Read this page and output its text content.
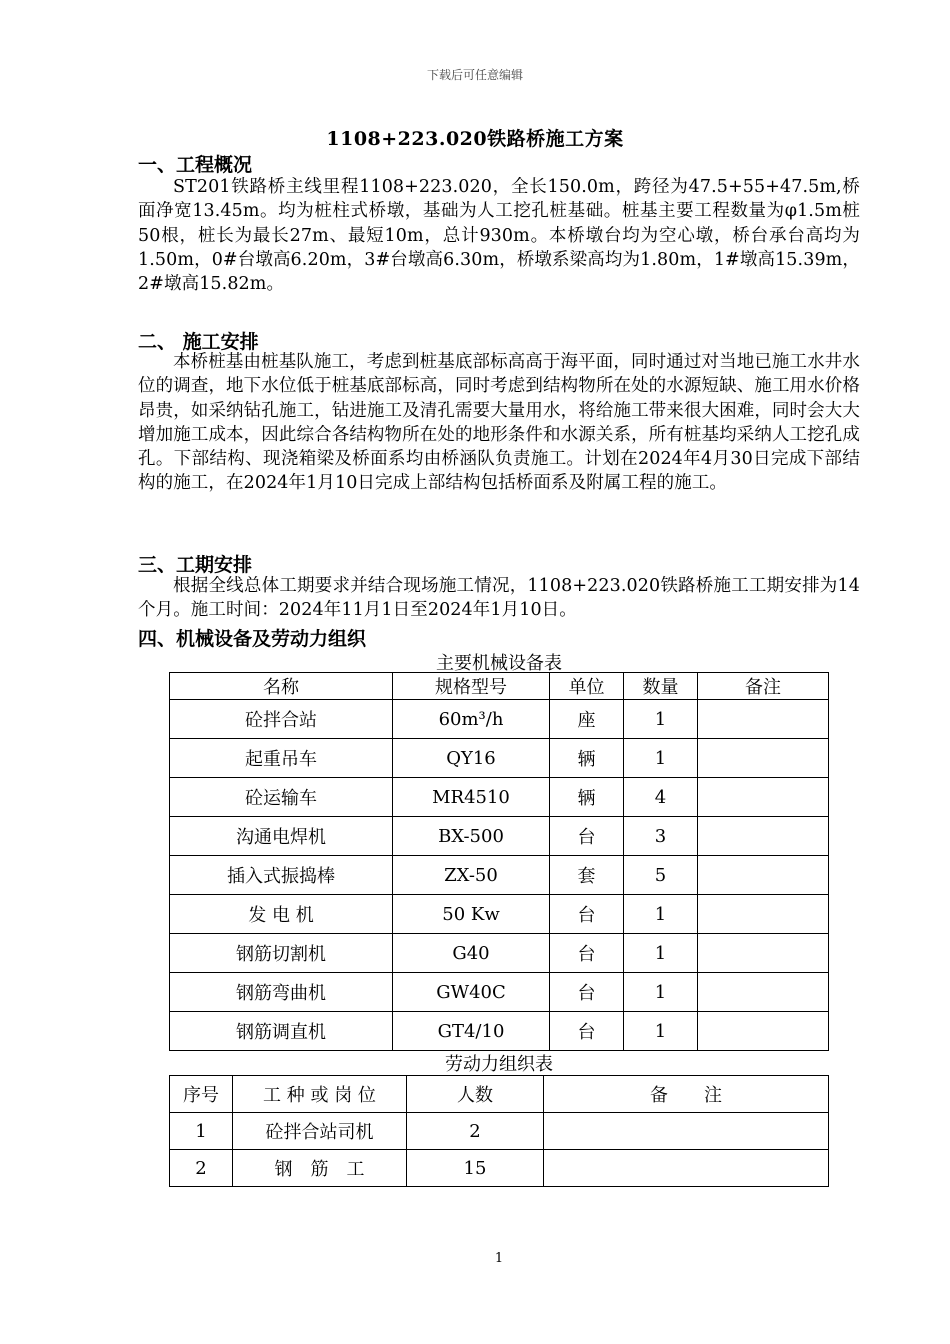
下载后可任意编辑
1108+223.020铁路桥施工方案
一、工程概况

ST201铁路桥主线里程1108+223.020，全长150.0m，跨径为47.5+55+47.5m,桥面净宽13.45m。均为桩柱式桥墩，基础为人工挖孔桩基础。桩基主要工程数量为φ1.5m桩50根，桩长为最长27m、最短10m，总计930m。本桥墩台均为空心墩，桥台承台高均为1.50m，0#台墩高6.20m，3#台墩高6.30m，桥墩系梁高均为1.80m，1#墩高15.39m，2#墩高15.82m。

二、 施工安排

本桥桩基由桩基队施工，考虑到桩基底部标高高于海平面，同时通过对当地已施工水井水位的调查，地下水位低于桩基底部标高，同时考虑到结构物所在处的水源短缺、施工用水价格昂贵，如采纳钻孔施工，钻进施工及清孔需要大量用水，将给施工带来很大困难，同时会大大增加施工成本，因此综合各结构物所在处的地形条件和水源关系，所有桩基均采纳人工挖孔成孔。下部结构、现浇箱梁及桥面系均由桥涵队负责施工。计划在2024年4月30日完成下部结构的施工，在2024年1月10日完成上部结构包括桥面系及附属工程的施工。

三、工期安排

根据全线总体工期要求并结合现场施工情况，1108+223.020铁路桥施工工期安排为14个月。施工时间：2024年11月1日至2024年1月10日。

四、机械设备及劳动力组织
主要机械设备表
名称	规格型号	单位	数量	备注
砼拌合站	60m³/h	座	1	
起重吊车	QY16	辆	1	
砼运输车	MR4510	辆	4	
沟通电焊机	BX-500	台	3	
插入式振捣棒	ZX-50	套	5	
发 电 机	50 Kw	台	1	
钢筋切割机	G40	台	1	
钢筋弯曲机	GW40C	台	1	
钢筋调直机	GT4/10	台	1	
劳动力组织表
序号	工 种 或 岗 位	人数	备　　注
1	砼拌合站司机	2	
2	钢　筋　工	15	
1
